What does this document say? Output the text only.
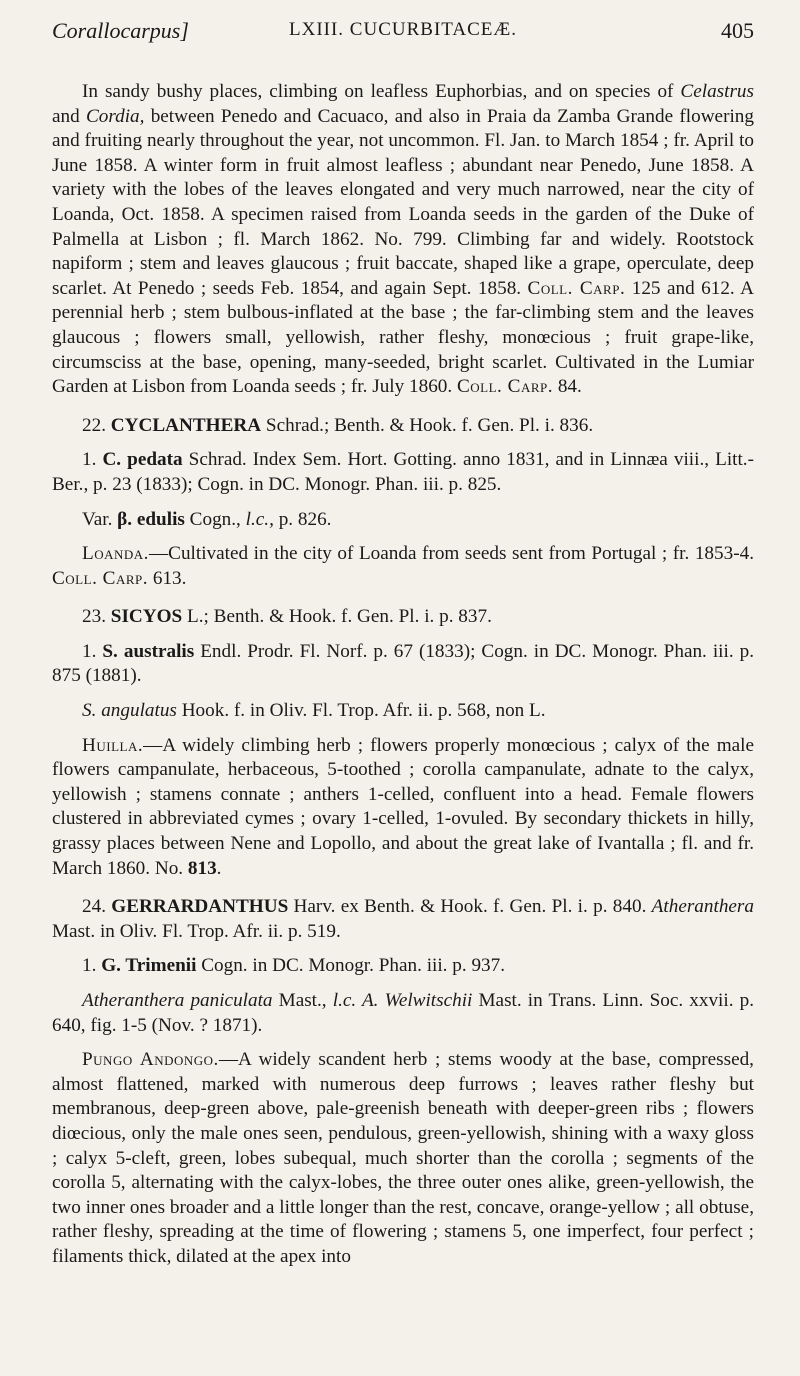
Corallocarpus]	LXIII. CUCURBITACEÆ.	405

In sandy bushy places, climbing on leafless Euphorbias, and on species of Celastrus and Cordia, between Penedo and Cacuaco, and also in Praia da Zamba Grande flowering and fruiting nearly throughout the year, not uncommon. Fl. Jan. to March 1854 ; fr. April to June 1858. A winter form in fruit almost leafless ; abundant near Penedo, June 1858. A variety with the lobes of the leaves elongated and very much narrowed, near the city of Loanda, Oct. 1858. A specimen raised from Loanda seeds in the garden of the Duke of Palmella at Lisbon ; fl. March 1862. No. 799. Climbing far and widely. Rootstock napiform ; stem and leaves glaucous ; fruit baccate, shaped like a grape, operculate, deep scarlet. At Penedo ; seeds Feb. 1854, and again Sept. 1858. Coll. Carp. 125 and 612. A perennial herb ; stem bulbous-inflated at the base ; the far-climbing stem and the leaves glaucous ; flowers small, yellowish, rather fleshy, monœcious ; fruit grape-like, circumsciss at the base, opening, many-seeded, bright scarlet. Cultivated in the Lumiar Garden at Lisbon from Loanda seeds ; fr. July 1860. Coll. Carp. 84.

22. CYCLANTHERA Schrad.; Benth. & Hook. f. Gen. Pl. i. 836.

1. C. pedata Schrad. Index Sem. Hort. Gotting. anno 1831, and in Linnæa viii., Litt.-Ber., p. 23 (1833); Cogn. in DC. Monogr. Phan. iii. p. 825.

Var. β. edulis Cogn., l.c., p. 826.

Loanda.—Cultivated in the city of Loanda from seeds sent from Portugal ; fr. 1853-4. Coll. Carp. 613.

23. SICYOS L.; Benth. & Hook. f. Gen. Pl. i. p. 837.

1. S. australis Endl. Prodr. Fl. Norf. p. 67 (1833); Cogn. in DC. Monogr. Phan. iii. p. 875 (1881).

S. angulatus Hook. f. in Oliv. Fl. Trop. Afr. ii. p. 568, non L.

Huilla.—A widely climbing herb ; flowers properly monœcious ; calyx of the male flowers campanulate, herbaceous, 5-toothed ; corolla campanulate, adnate to the calyx, yellowish ; stamens connate ; anthers 1-celled, confluent into a head. Female flowers clustered in abbreviated cymes ; ovary 1-celled, 1-ovuled. By secondary thickets in hilly, grassy places between Nene and Lopollo, and about the great lake of Ivantalla ; fl. and fr. March 1860. No. 813.

24. GERRARDANTHUS Harv. ex Benth. & Hook. f. Gen. Pl. i. p. 840. Atheranthera Mast. in Oliv. Fl. Trop. Afr. ii. p. 519.

1. G. Trimenii Cogn. in DC. Monogr. Phan. iii. p. 937.

Atheranthera paniculata Mast., l.c. A. Welwitschii Mast. in Trans. Linn. Soc. xxvii. p. 640, fig. 1-5 (Nov. ? 1871).

Pungo Andongo.—A widely scandent herb ; stems woody at the base, compressed, almost flattened, marked with numerous deep furrows ; leaves rather fleshy but membranous, deep-green above, pale-greenish beneath with deeper-green ribs ; flowers diœcious, only the male ones seen, pendulous, green-yellowish, shining with a waxy gloss ; calyx 5-cleft, green, lobes subequal, much shorter than the corolla ; segments of the corolla 5, alternating with the calyx-lobes, the three outer ones alike, green-yellowish, the two inner ones broader and a little longer than the rest, concave, orange-yellow ; all obtuse, rather fleshy, spreading at the time of flowering ; stamens 5, one imperfect, four perfect ; filaments thick, dilated at the apex into
